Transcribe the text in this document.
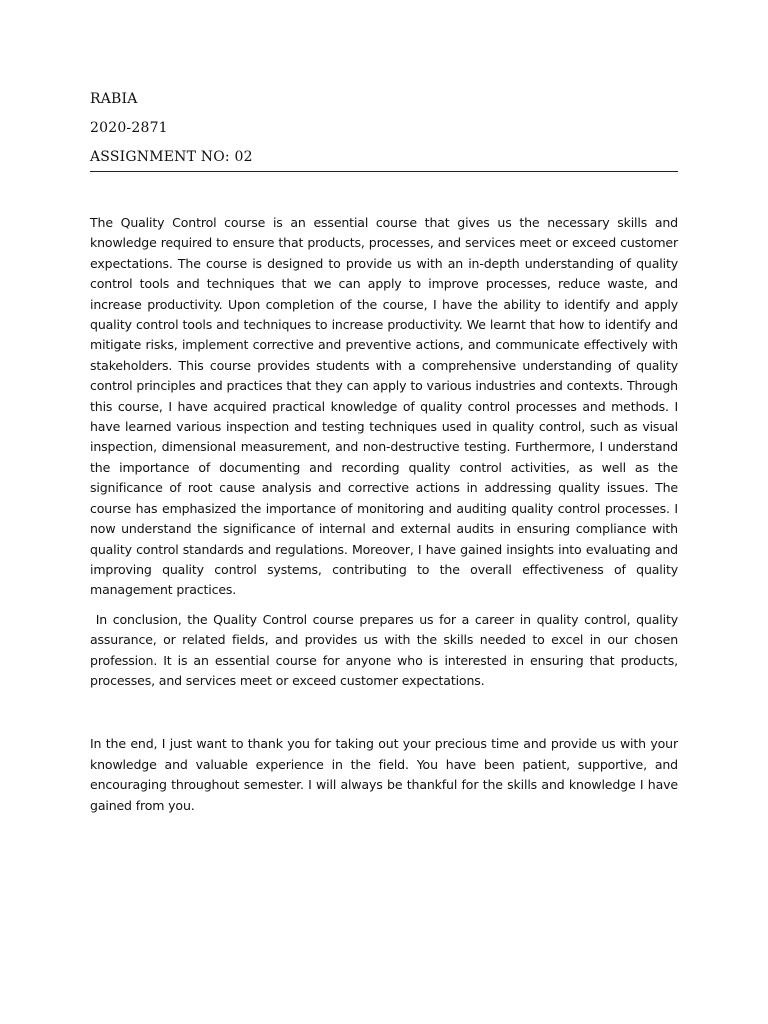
RABIA
2020-2871
ASSIGNMENT NO: 02

The Quality Control course is an essential course that gives us the necessary skills and knowledge required to ensure that products, processes, and services meet or exceed customer expectations. The course is designed to provide us with an in-depth understanding of quality control tools and techniques that we can apply to improve processes, reduce waste, and increase productivity. Upon completion of the course, I have the ability to identify and apply quality control tools and techniques to increase productivity. We learnt that how to identify and mitigate risks, implement corrective and preventive actions, and communicate effectively with stakeholders. This course provides students with a comprehensive understanding of quality control principles and practices that they can apply to various industries and contexts. Through this course, I have acquired practical knowledge of quality control processes and methods. I have learned various inspection and testing techniques used in quality control, such as visual inspection, dimensional measurement, and non-destructive testing. Furthermore, I understand the importance of documenting and recording quality control activities, as well as the significance of root cause analysis and corrective actions in addressing quality issues. The course has emphasized the importance of monitoring and auditing quality control processes. I now understand the significance of internal and external audits in ensuring compliance with quality control standards and regulations. Moreover, I have gained insights into evaluating and improving quality control systems, contributing to the overall effectiveness of quality management practices.

In conclusion, the Quality Control course prepares us for a career in quality control, quality assurance, or related fields, and provides us with the skills needed to excel in our chosen profession. It is an essential course for anyone who is interested in ensuring that products, processes, and services meet or exceed customer expectations.

In the end, I just want to thank you for taking out your precious time and provide us with your knowledge and valuable experience in the field. You have been patient, supportive, and encouraging throughout semester. I will always be thankful for the skills and knowledge I have gained from you.
